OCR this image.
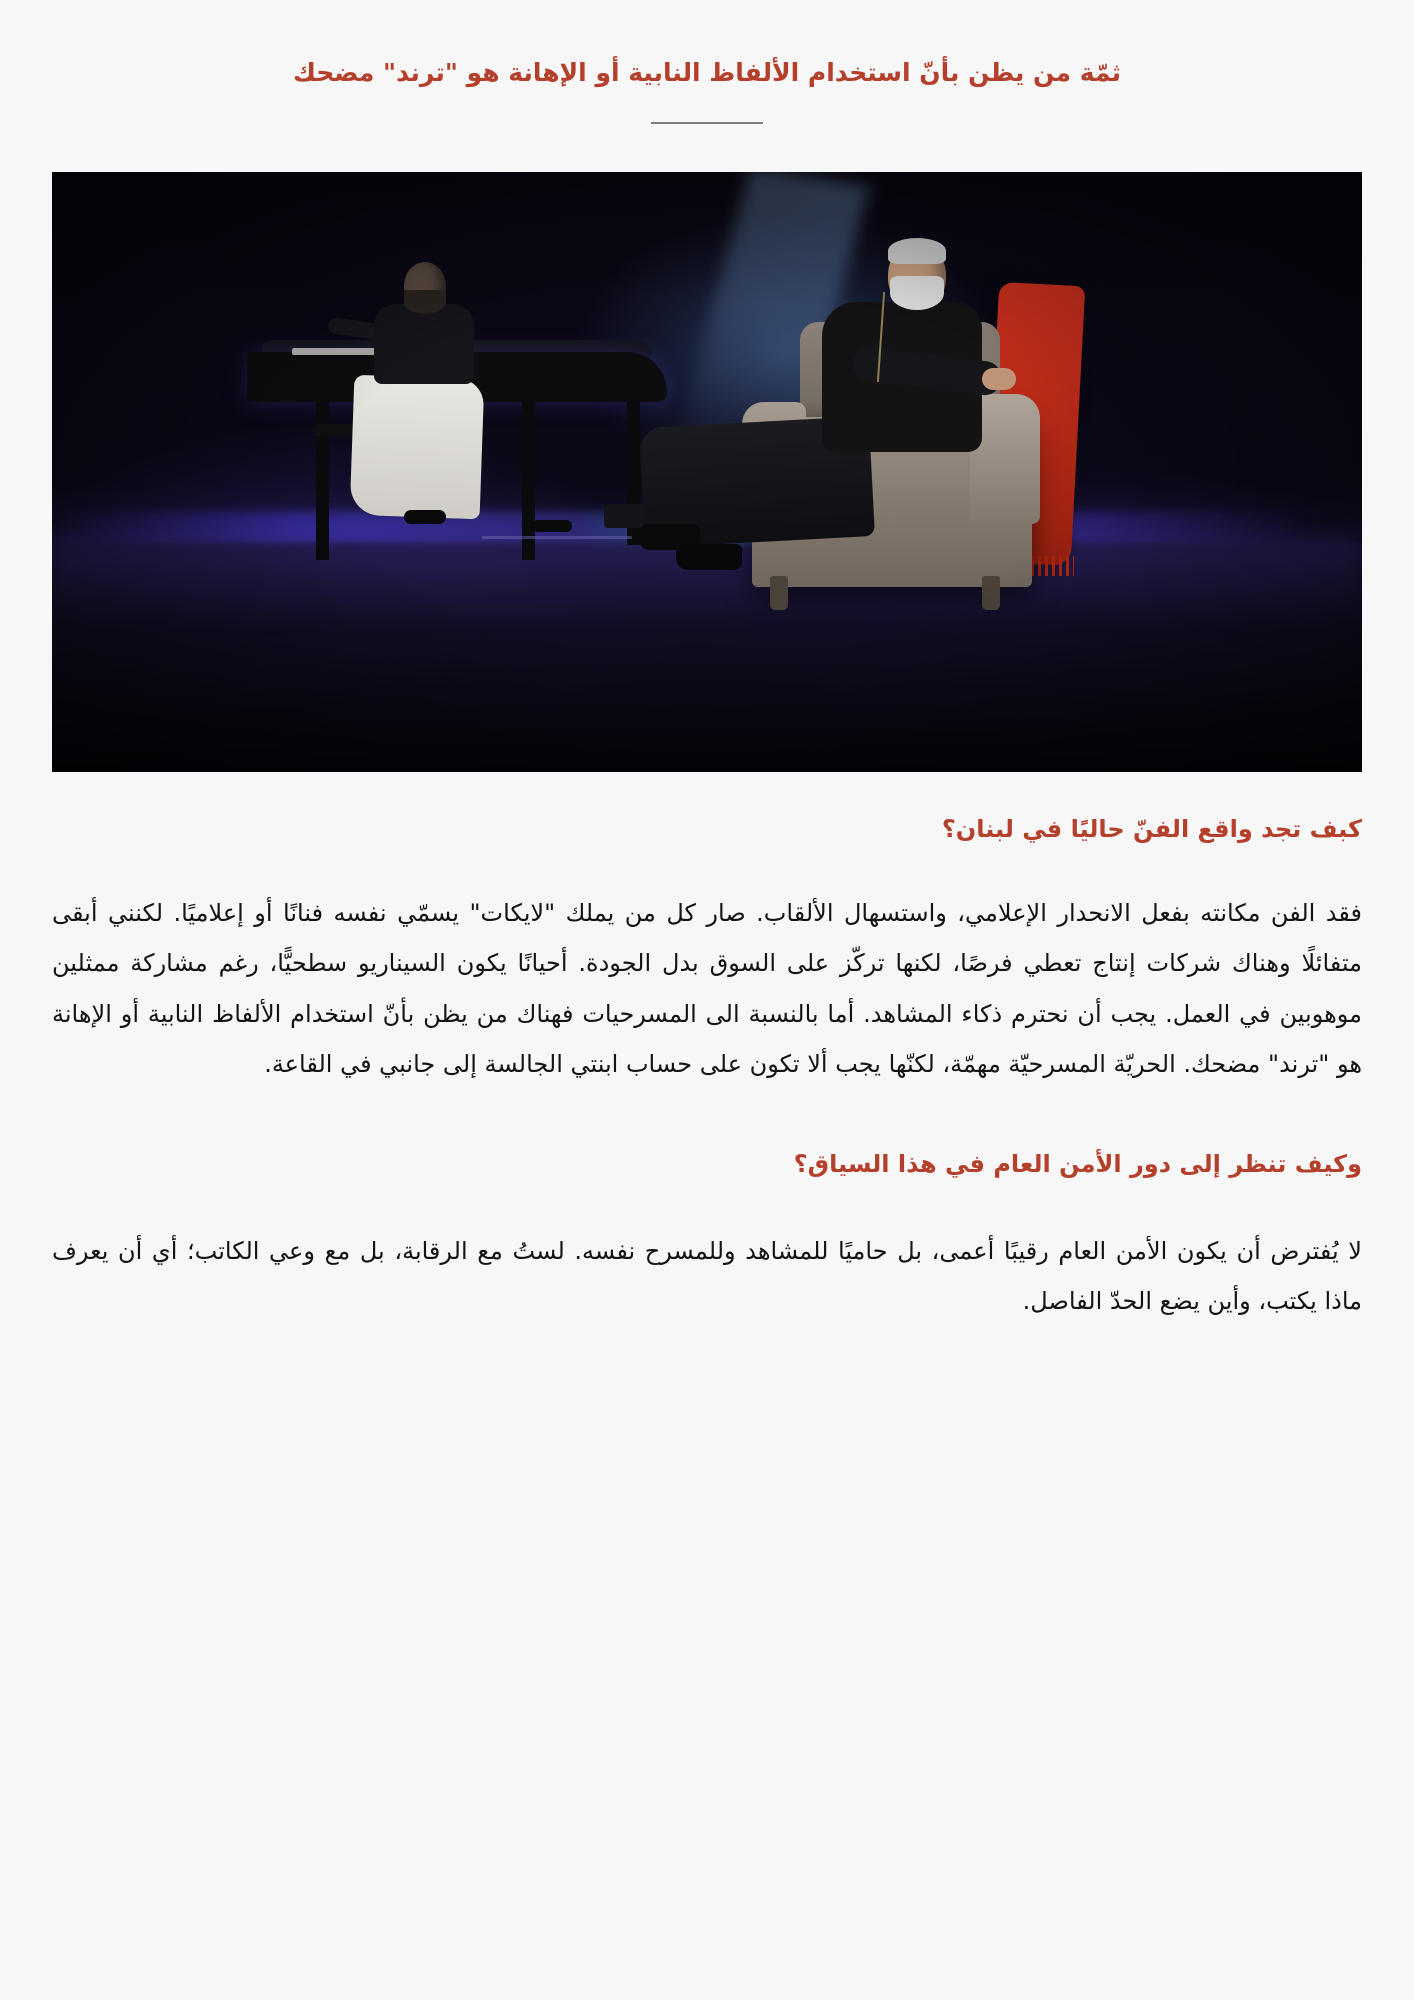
ثمّة من يظن بأنّ استخدام الألفاظ النابية أو الإهانة هو "ترند" مضحك
كبف تجد واقع الفنّ حاليًا في لبنان؟

فقد الفن مكانته بفعل الانحدار الإعلامي، واستسهال الألقاب. صار كل من يملك "لايكات" يسمّي نفسه فنانًا أو إعلاميًا. لكنني أبقى متفائلًا وهناك شركات إنتاج تعطي فرصًا، لكنها تركّز على السوق بدل الجودة. أحيانًا يكون السيناريو سطحيًّا، رغم مشاركة ممثلين موهوبين في العمل. يجب أن نحترم ذكاء المشاهد. أما بالنسبة الى المسرحيات فهناك من يظن بأنّ استخدام الألفاظ النابية أو الإهانة هو "ترند" مضحك. الحريّة المسرحيّة مهمّة، لكنّها يجب ألا تكون على حساب ابنتي الجالسة إلى جانبي في القاعة.

وكيف تنظر إلى دور الأمن العام في هذا السياق؟

لا يُفترض أن يكون الأمن العام رقيبًا أعمى، بل حاميًا للمشاهد وللمسرح نفسه. لستُ مع الرقابة، بل مع وعي الكاتب؛ أي أن يعرف ماذا يكتب، وأين يضع الحدّ الفاصل.
